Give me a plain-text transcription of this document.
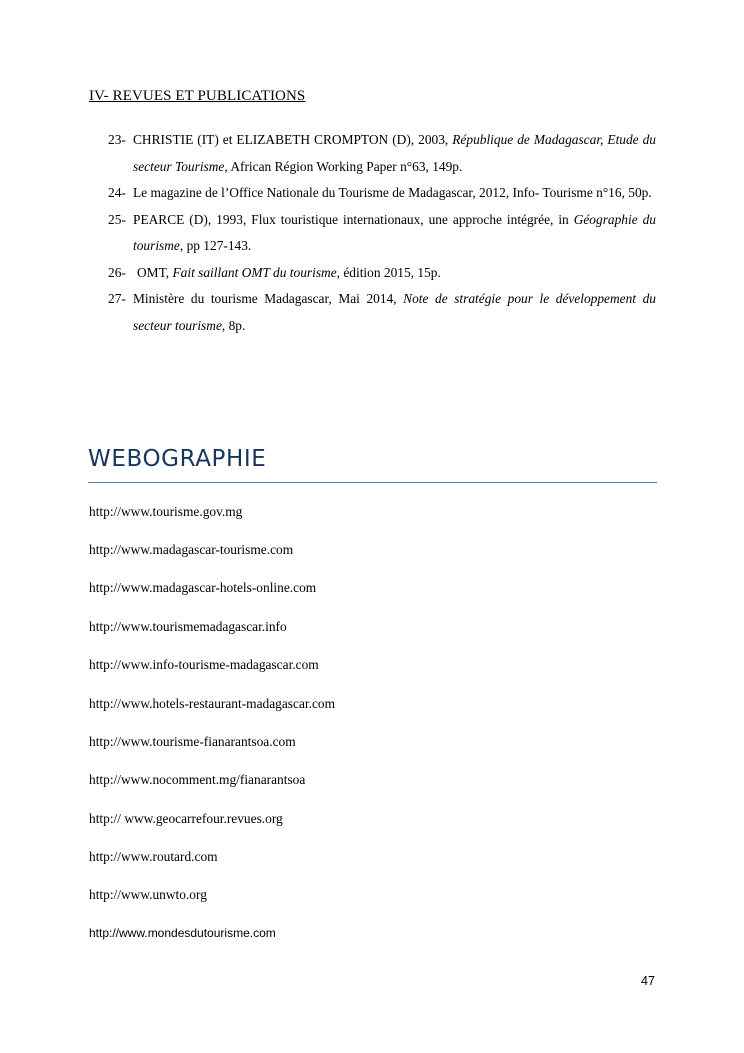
IV- REVUES ET PUBLICATIONS
23- CHRISTIE (IT) et ELIZABETH CROMPTON (D), 2003, République de Madagascar, Etude du secteur Tourisme, African Région Working Paper n°63, 149p.
24- Le magazine de l’Office Nationale du Tourisme de Madagascar, 2012, Info- Tourisme n°16, 50p.
25- PEARCE (D), 1993, Flux touristique internationaux, une approche intégrée, in Géographie du tourisme, pp 127-143.
26- OMT, Fait saillant OMT du tourisme, édition 2015, 15p.
27- Ministère du tourisme Madagascar, Mai 2014, Note de stratégie pour le développement du secteur tourisme, 8p.
WEBOGRAPHIE
http://www.tourisme.gov.mg
http://www.madagascar-tourisme.com
http://www.madagascar-hotels-online.com
http://www.tourismemadagascar.info
http://www.info-tourisme-madagascar.com
http://www.hotels-restaurant-madagascar.com
http://www.tourisme-fianarantsoa.com
http://www.nocomment.mg/fianarantsoa
http:// www.geocarrefour.revues.org
http://www.routard.com
http://www.unwto.org
http://www.mondesdutourisme.com
47
